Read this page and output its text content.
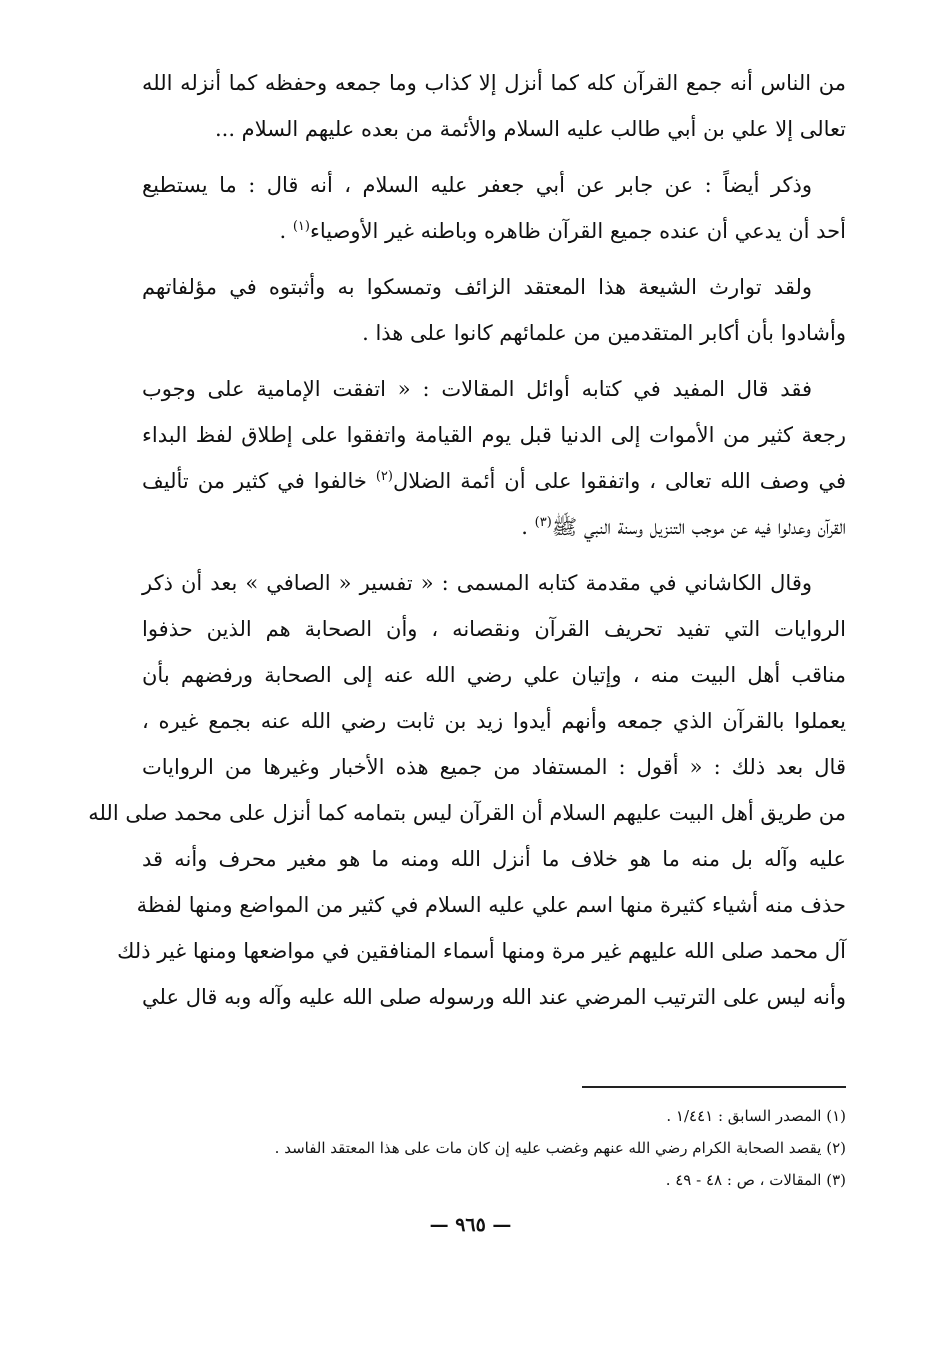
من الناس أنه جمع القرآن كله كما أنزل إلا كذاب وما جمعه وحفظه كما أنزله الله
تعالى إلا علي بن أبي طالب عليه السلام والأئمة من بعده عليهم السلام ...

وذكر أيضاً : عن جابر عن أبي جعفر عليه السلام ، أنه قال : ما يستطيع
أحد أن يدعي أن عنده جميع القرآن ظاهره وباطنه غير الأوصياء$^{(١)}$ .

ولقد توارث الشيعة هذا المعتقد الزائف وتمسكوا به وأثبتوه في مؤلفاتهم
وأشادوا بأن أكابر المتقدمين من علمائهم كانوا على هذا .

فقد قال المفيد في كتابه أوائل المقالات : « اتفقت الإمامية على وجوب
رجعة كثير من الأموات إلى الدنيا قبل يوم القيامة واتفقوا على إطلاق لفظ البداء
في وصف الله تعالى ، واتفقوا على أن أئمة الضلال$^{(٢)}$ خالفوا في كثير من تأليف
القرآن وعدلوا فيه عن موجب التنزيل وسنة النبي ﷺ$^{(٣)}$ .

وقال الكاشاني في مقدمة كتابه المسمى : « تفسير « الصافي » بعد أن ذكر
الروايات التي تفيد تحريف القرآن ونقصانه ، وأن الصحابة هم الذين حذفوا
مناقب أهل البيت منه ، وإتيان علي رضي الله عنه إلى الصحابة ورفضهم بأن
يعملوا بالقرآن الذي جمعه وأنهم أيدوا زيد بن ثابت رضي الله عنه بجمع غيره ،
قال بعد ذلك : « أقول : المستفاد من جميع هذه الأخبار وغيرها من الروايات
من طريق أهل البيت عليهم السلام أن القرآن ليس بتمامه كما أنزل على محمد صلى الله
عليه وآله بل منه ما هو خلاف ما أنزل الله ومنه ما هو مغير محرف وأنه قد
حذف منه أشياء كثيرة منها اسم علي عليه السلام في كثير من المواضع ومنها لفظة
آل محمد صلى الله عليهم غير مرة ومنها أسماء المنافقين في مواضعها ومنها غير ذلك
وأنه ليس على الترتيب المرضي عند الله ورسوله صلى الله عليه وآله وبه قال علي

(١) المصدر السابق : ١/٤٤١ .
(٢) يقصد الصحابة الكرام رضي الله عنهم وغضب عليه إن كان مات على هذا المعتقد الفاسد .
(٣) المقالات ، ص : ٤٨ - ٤٩ .
— ٩٦٥ —
